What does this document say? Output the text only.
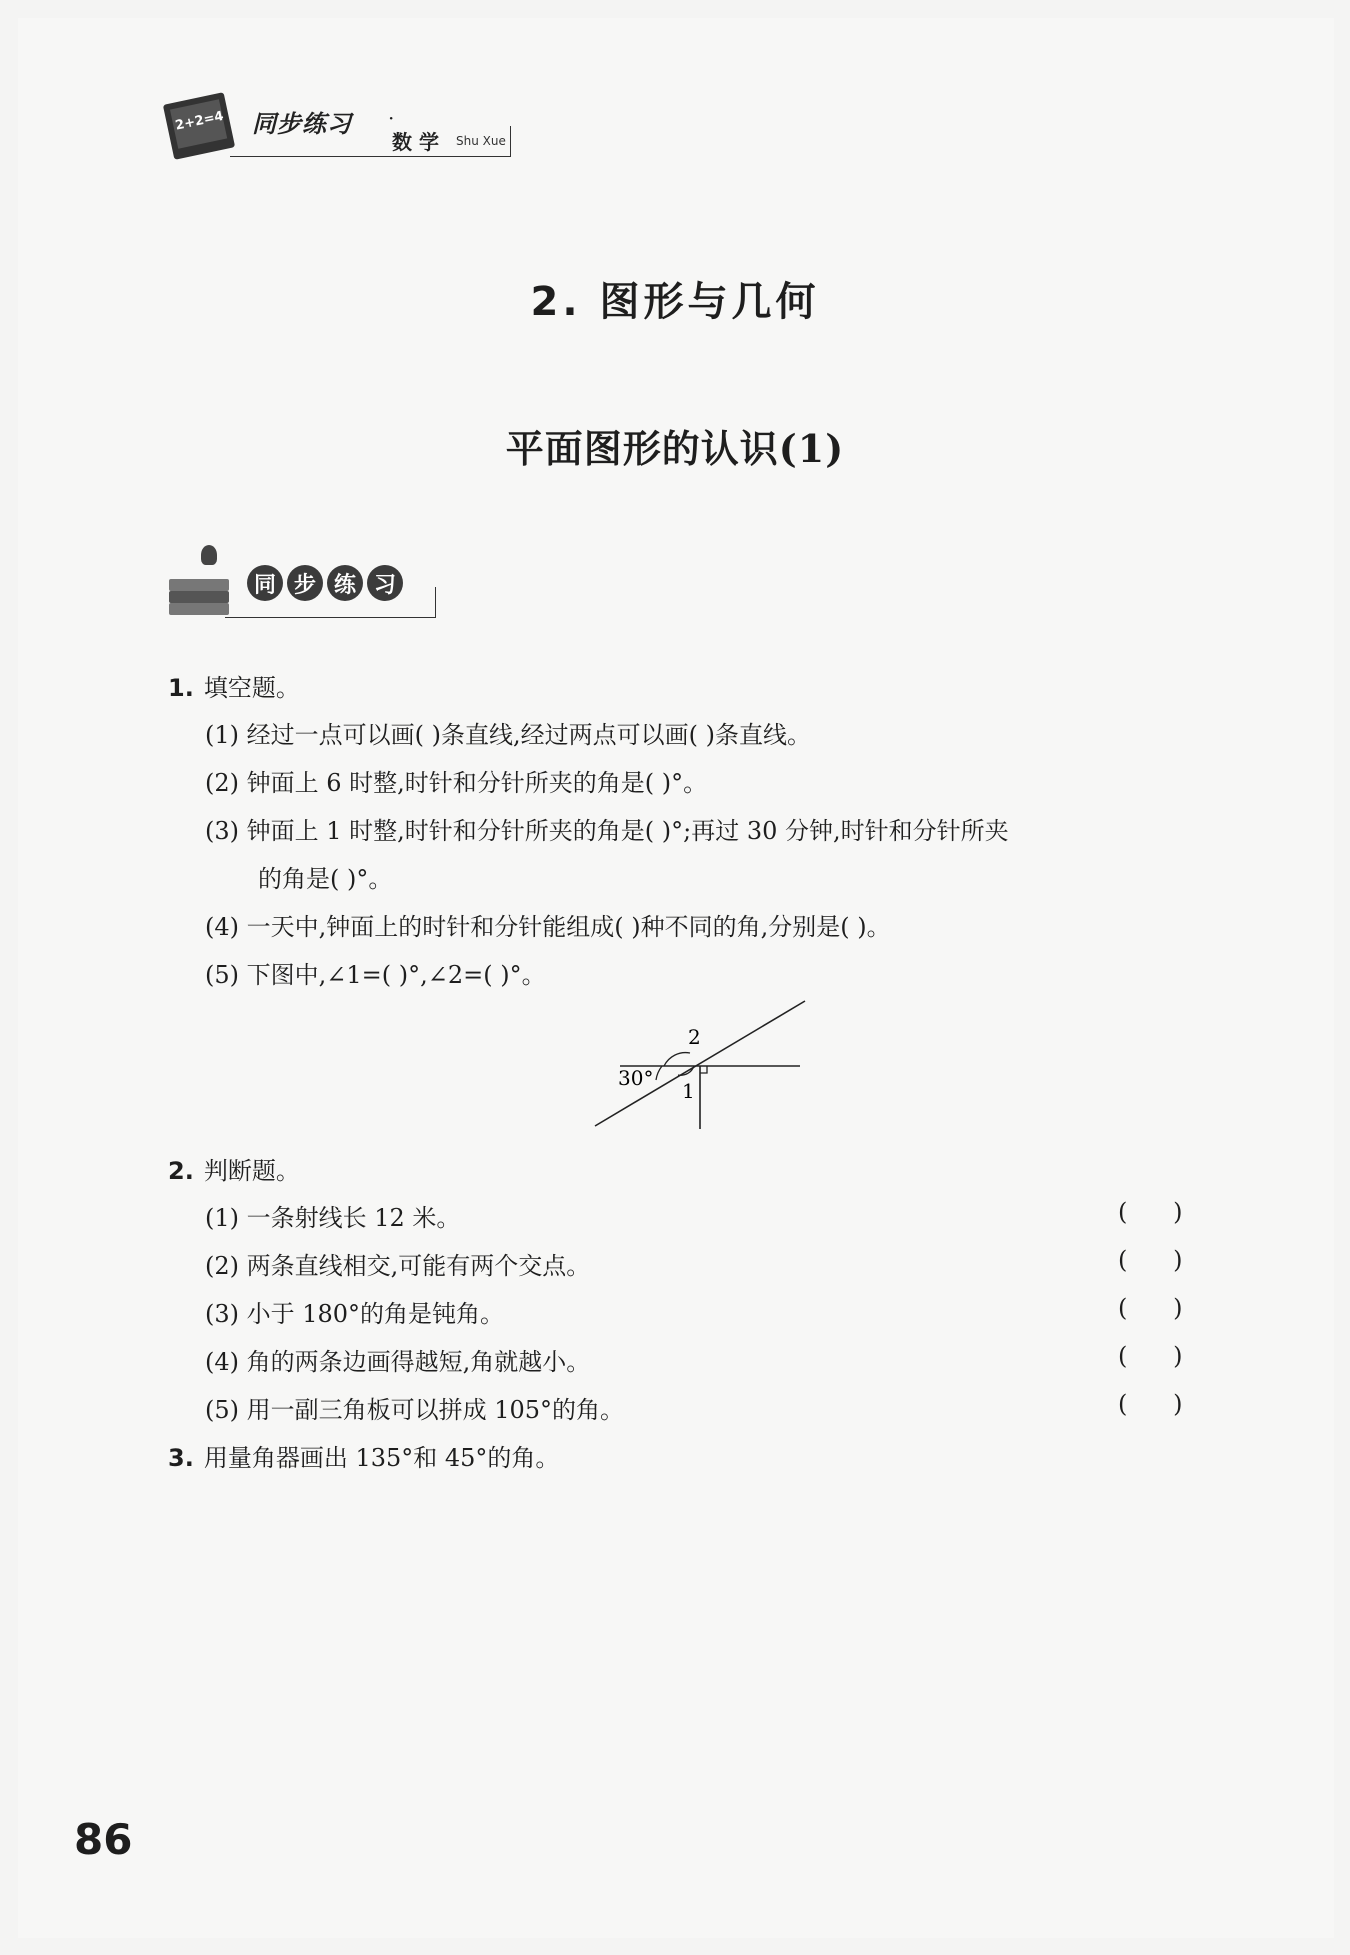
2+2=4 同步练习 ·
数 学 Shu Xue
2. 图形与几何
平面图形的认识(1)
同 步 练 习
1. 填空题。
(1) 经过一点可以画( )条直线,经过两点可以画( )条直线。
(2) 钟面上 6 时整,时针和分针所夹的角是( )°。
(3) 钟面上 1 时整,时针和分针所夹的角是( )°;再过 30 分钟,时针和分针所夹
的角是( )°。
(4) 一天中,钟面上的时针和分针能组成( )种不同的角,分别是( )。
(5) 下图中,∠1=( )°,∠2=( )°。
2
1
30°
2. 判断题。
(1) 一条射线长 12 米。	(      )
(2) 两条直线相交,可能有两个交点。	(      )
(3) 小于 180°的角是钝角。	(      )
(4) 角的两条边画得越短,角就越小。	(      )
(5) 用一副三角板可以拼成 105°的角。	(      )
3. 用量角器画出 135°和 45°的角。
86
